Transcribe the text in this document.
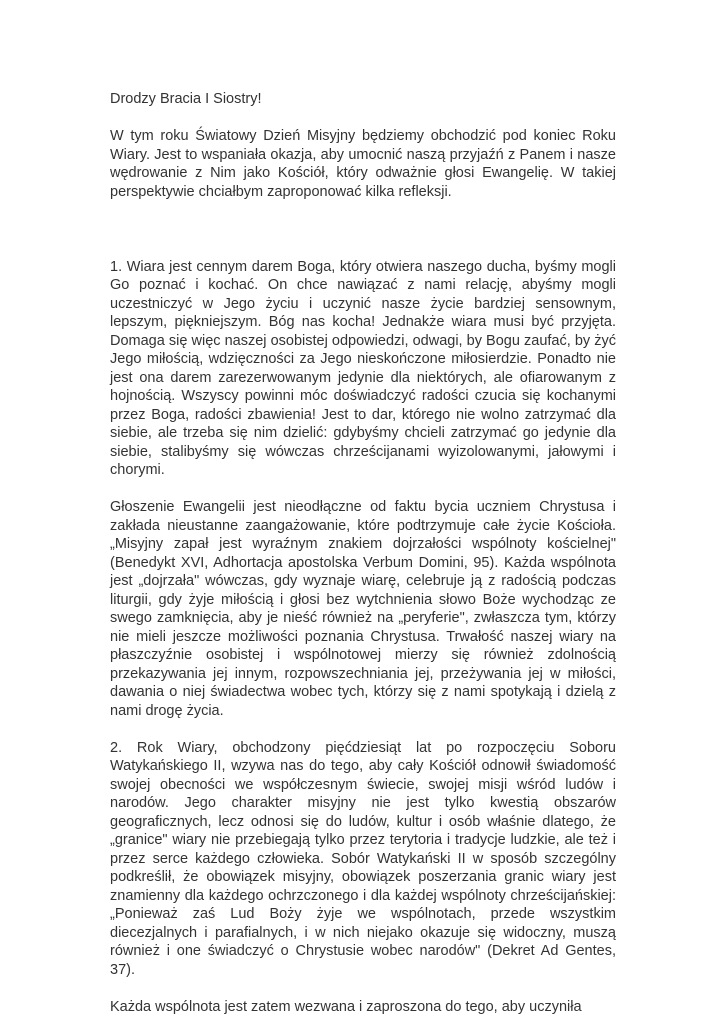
Drodzy Bracia I Siostry!

W tym roku Światowy Dzień Misyjny będziemy obchodzić pod koniec Roku Wiary. Jest to wspaniała okazja, aby umocnić naszą przyjaźń z Panem i nasze wędrowanie z Nim jako Kościół, który odważnie głosi Ewangelię. W takiej perspektywie chciałbym zaproponować kilka refleksji.

1. Wiara jest cennym darem Boga, który otwiera naszego ducha, byśmy mogli Go poznać i kochać. On chce nawiązać z nami relację, abyśmy mogli uczestniczyć w Jego życiu i uczynić nasze życie bardziej sensownym, lepszym, piękniejszym. Bóg nas kocha! Jednakże wiara musi być przyjęta. Domaga się więc naszej osobistej odpowiedzi, odwagi, by Bogu zaufać, by żyć Jego miłością, wdzięczności za Jego nieskończone miłosierdzie. Ponadto nie jest ona darem zarezerwowanym jedynie dla niektórych, ale ofiarowanym z hojnością. Wszyscy powinni móc doświadczyć radości czucia się kochanymi przez Boga, radości zbawienia! Jest to dar, którego nie wolno zatrzymać dla siebie, ale trzeba się nim dzielić: gdybyśmy chcieli zatrzymać go jedynie dla siebie, stalibyśmy się wówczas chrześcijanami wyizolowanymi, jałowymi i chorymi.

Głoszenie Ewangelii jest nieodłączne od faktu bycia uczniem Chrystusa i zakłada nieustanne zaangażowanie, które podtrzymuje całe życie Kościoła. „Misyjny zapał jest wyraźnym znakiem dojrzałości wspólnoty kościelnej" (Benedykt XVI, Adhortacja apostolska Verbum Domini, 95). Każda wspólnota jest „dojrzała" wówczas, gdy wyznaje wiarę, celebruje ją z radością podczas liturgii, gdy żyje miłością i głosi bez wytchnienia słowo Boże wychodząc ze swego zamknięcia, aby je nieść również na „peryferie", zwłaszcza tym, którzy nie mieli jeszcze możliwości poznania Chrystusa. Trwałość naszej wiary na płaszczyźnie osobistej i wspólnotowej mierzy się również zdolnością przekazywania jej innym, rozpowszechniania jej, przeżywania jej w miłości, dawania o niej świadectwa wobec tych, którzy się z nami spotykają i dzielą z nami drogę życia.

2. Rok Wiary, obchodzony pięćdziesiąt lat po rozpoczęciu Soboru Watykańskiego II, wzywa nas do tego, aby cały Kościół odnowił świadomość swojej obecności we współczesnym świecie, swojej misji wśród ludów i narodów. Jego charakter misyjny nie jest tylko kwestią obszarów geograficznych, lecz odnosi się do ludów, kultur i osób właśnie dlatego, że „granice" wiary nie przebiegają tylko przez terytoria i tradycje ludzkie, ale też i przez serce każdego człowieka. Sobór Watykański II w sposób szczególny podkreślił, że obowiązek misyjny, obowiązek poszerzania granic wiary jest znamienny dla każdego ochrzczonego i dla każdej wspólnoty chrześcijańskiej: „Ponieważ zaś Lud Boży żyje we wspólnotach, przede wszystkim diecezjalnych i parafialnych, i w nich niejako okazuje się widoczny, muszą również i one świadczyć o Chrystusie wobec narodów" (Dekret Ad Gentes, 37).

Każda wspólnota jest zatem wezwana i zaproszona do tego, aby uczyniła
